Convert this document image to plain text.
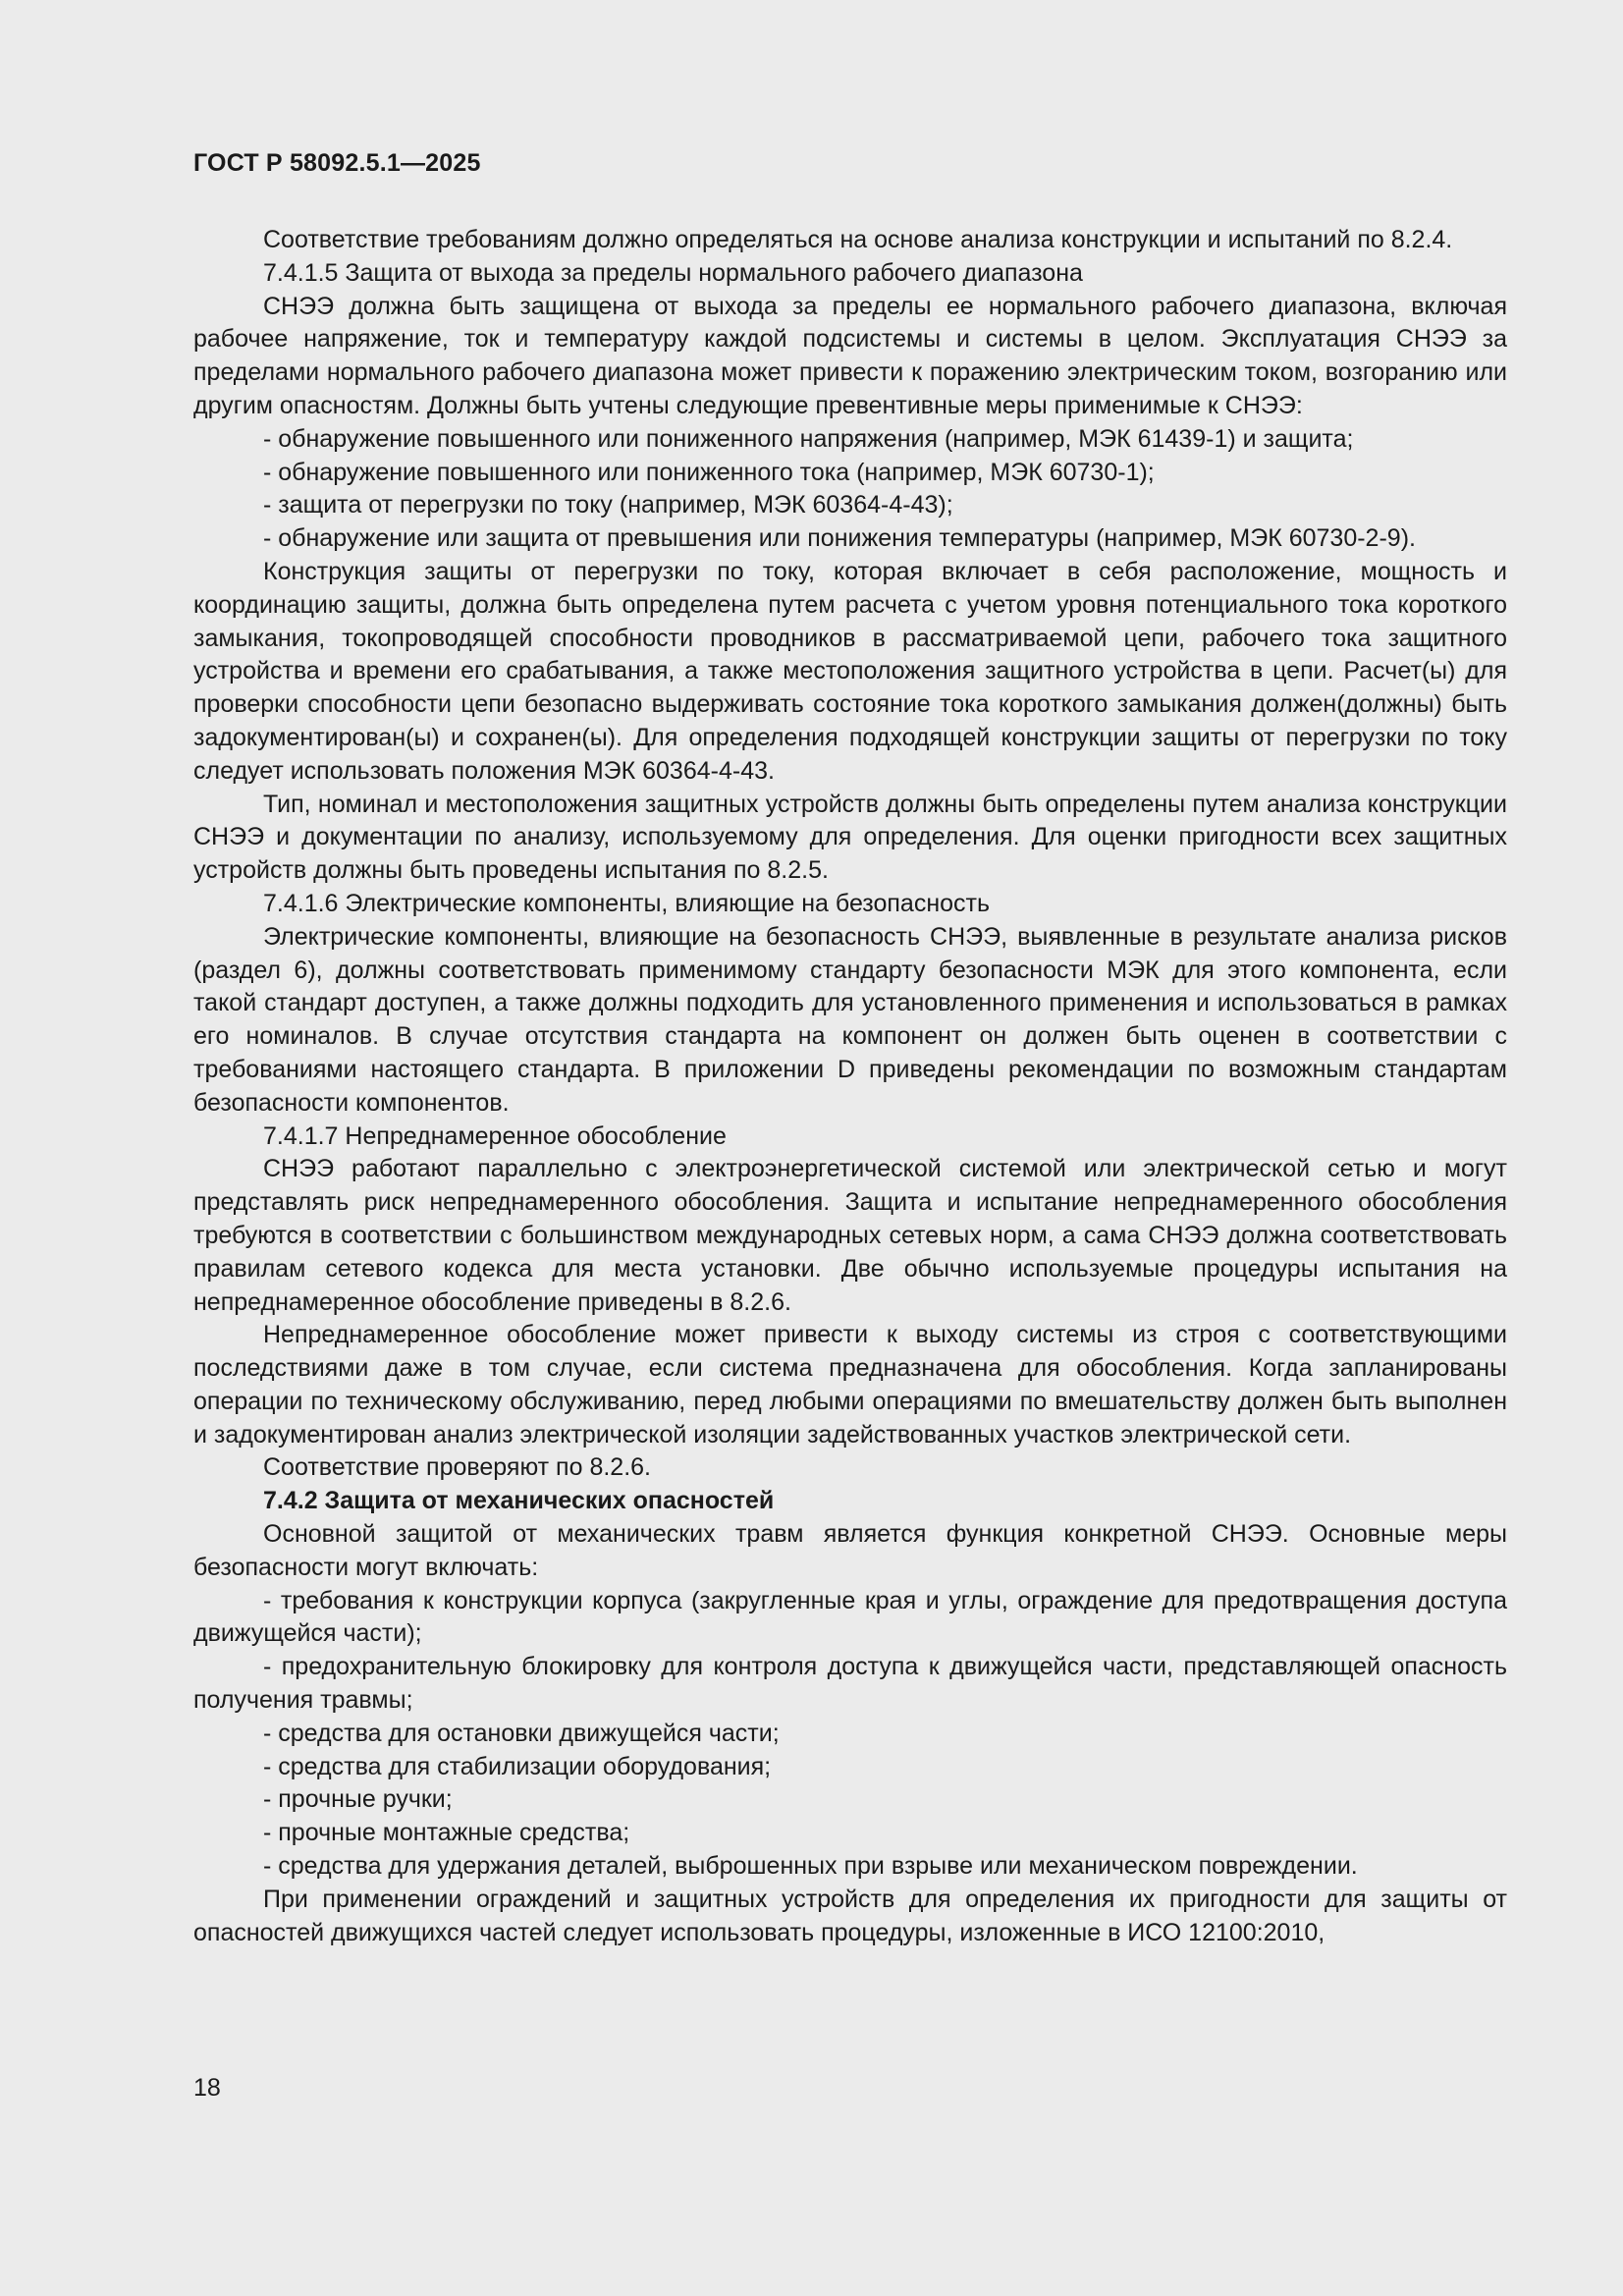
ГОСТ Р 58092.5.1—2025

Соответствие требованиям должно определяться на основе анализа конструкции и испытаний по 8.2.4.

7.4.1.5 Защита от выхода за пределы нормального рабочего диапазона

СНЭЭ должна быть защищена от выхода за пределы ее нормального рабочего диапазона, включая рабочее напряжение, ток и температуру каждой подсистемы и системы в целом. Эксплуатация СНЭЭ за пределами нормального рабочего диапазона может привести к поражению электрическим током, возгоранию или другим опасностям. Должны быть учтены следующие превентивные меры применимые к СНЭЭ:

- обнаружение повышенного или пониженного напряжения (например, МЭК 61439-1) и защита;

- обнаружение повышенного или пониженного тока (например, МЭК 60730-1);

- защита от перегрузки по току (например, МЭК 60364-4-43);

- обнаружение или защита от превышения или понижения температуры (например, МЭК 60730-2-9).

Конструкция защиты от перегрузки по току, которая включает в себя расположение, мощность и координацию защиты, должна быть определена путем расчета с учетом уровня потенциального тока короткого замыкания, токопроводящей способности проводников в рассматриваемой цепи, рабочего тока защитного устройства и времени его срабатывания, а также местоположения защитного устройства в цепи. Расчет(ы) для проверки способности цепи безопасно выдерживать состояние тока короткого замыкания должен(должны) быть задокументирован(ы) и сохранен(ы). Для определения подходящей конструкции защиты от перегрузки по току следует использовать положения МЭК 60364-4-43.

Тип, номинал и местоположения защитных устройств должны быть определены путем анализа конструкции СНЭЭ и документации по анализу, используемому для определения. Для оценки пригодности всех защитных устройств должны быть проведены испытания по 8.2.5.

7.4.1.6 Электрические компоненты, влияющие на безопасность

Электрические компоненты, влияющие на безопасность СНЭЭ, выявленные в результате анализа рисков (раздел 6), должны соответствовать применимому стандарту безопасности МЭК для этого компонента, если такой стандарт доступен, а также должны подходить для установленного применения и использоваться в рамках его номиналов. В случае отсутствия стандарта на компонент он должен быть оценен в соответствии с требованиями настоящего стандарта. В приложении D приведены рекомендации по возможным стандартам безопасности компонентов.

7.4.1.7 Непреднамеренное обособление

СНЭЭ работают параллельно с электроэнергетической системой или электрической сетью и могут представлять риск непреднамеренного обособления. Защита и испытание непреднамеренного обособления требуются в соответствии с большинством международных сетевых норм, а сама СНЭЭ должна соответствовать правилам сетевого кодекса для места установки. Две обычно используемые процедуры испытания на непреднамеренное обособление приведены в 8.2.6.

Непреднамеренное обособление может привести к выходу системы из строя с соответствующими последствиями даже в том случае, если система предназначена для обособления. Когда запланированы операции по техническому обслуживанию, перед любыми операциями по вмешательству должен быть выполнен и задокументирован анализ электрической изоляции задействованных участков электрической сети.

Соответствие проверяют по 8.2.6.

7.4.2 Защита от механических опасностей

Основной защитой от механических травм является функция конкретной СНЭЭ. Основные меры безопасности могут включать:

- требования к конструкции корпуса (закругленные края и углы, ограждение для предотвращения доступа движущейся части);

- предохранительную блокировку для контроля доступа к движущейся части, представляющей опасность получения травмы;

- средства для остановки движущейся части;

- средства для стабилизации оборудования;

- прочные ручки;

- прочные монтажные средства;

- средства для удержания деталей, выброшенных при взрыве или механическом повреждении.

При применении ограждений и защитных устройств для определения их пригодности для защиты от опасностей движущихся частей следует использовать процедуры, изложенные в ИСО 12100:2010,

18
